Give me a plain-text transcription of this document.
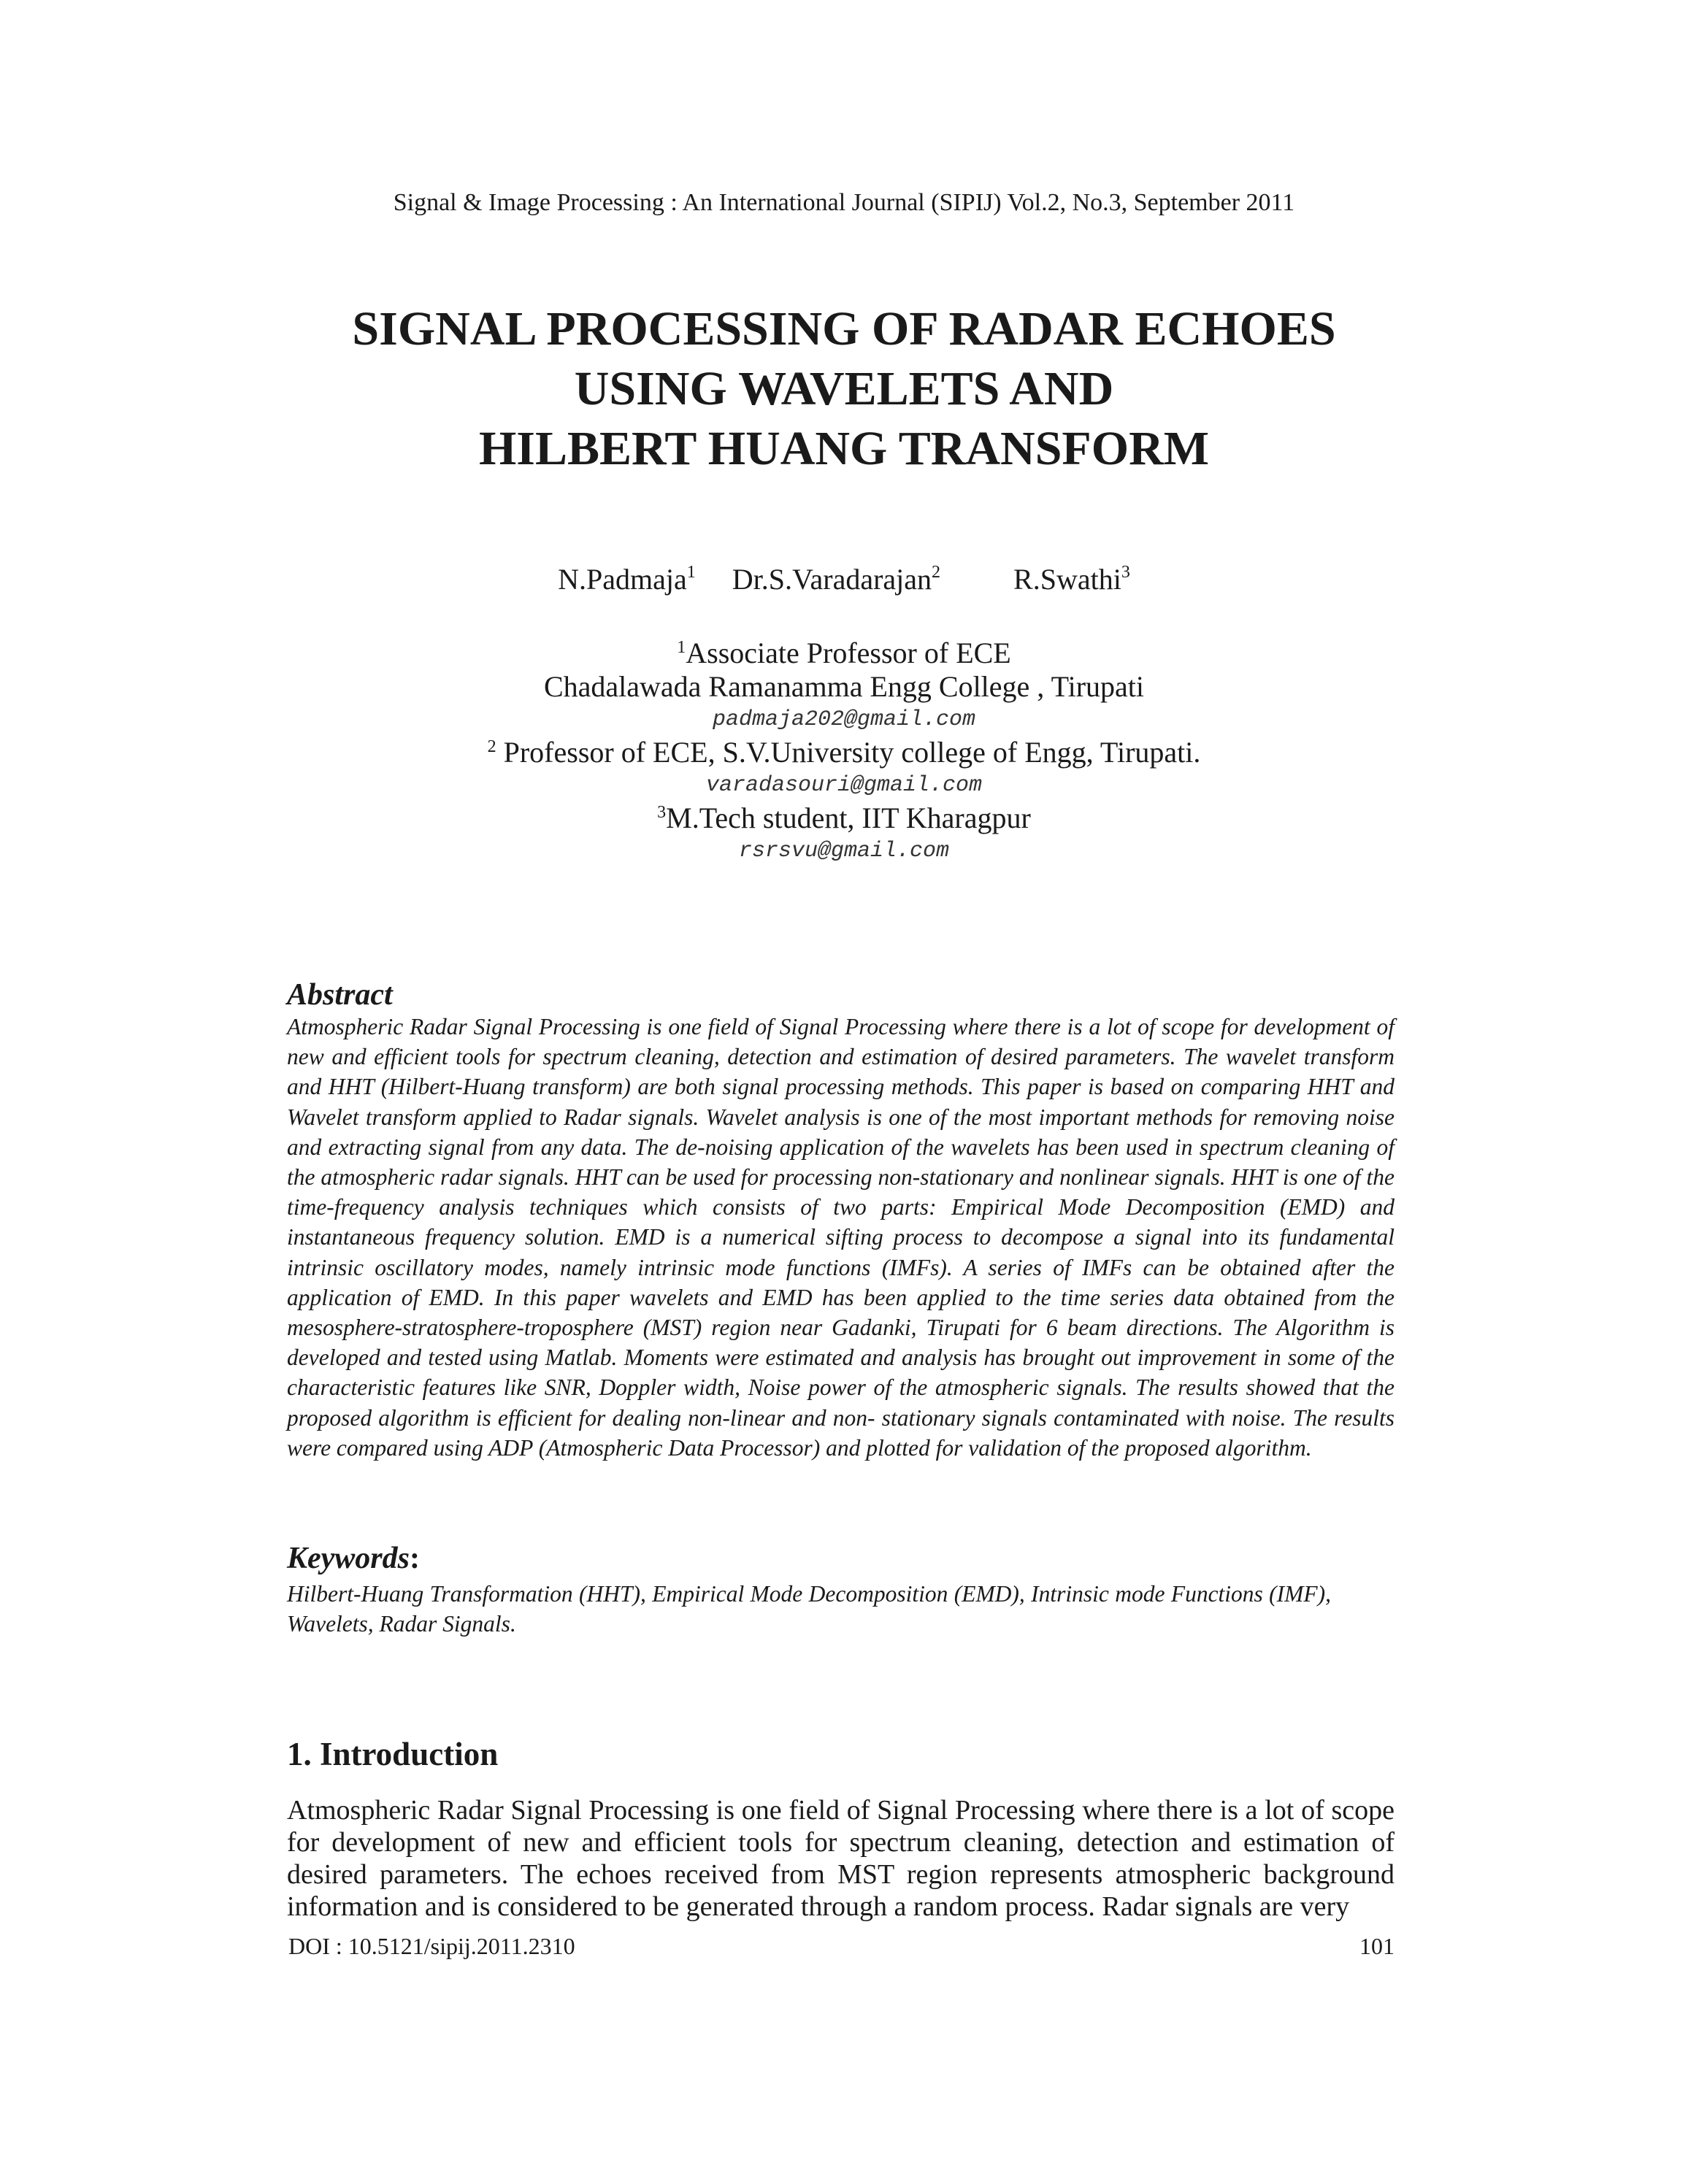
Signal & Image Processing : An International Journal (SIPIJ) Vol.2, No.3, September 2011
SIGNAL PROCESSING OF RADAR ECHOES
USING WAVELETS AND
HILBERT HUANG TRANSFORM
N.Padmaja$^1$ Dr.S.Varadarajan$^2$	R.Swathi$^3$
$^1$Associate Professor of ECE
Chadalawada Ramanamma Engg College , Tirupati
padmaja202@gmail.com
$^2$ Professor of ECE, S.V.University college of Engg, Tirupati.
varadasouri@gmail.com
$^3$M.Tech student, IIT Kharagpur
rsrsvu@gmail.com
Abstract
Atmospheric Radar Signal Processing is one field of Signal Processing where there is a lot of scope for development of new and efficient tools for spectrum cleaning, detection and estimation of desired parameters. The wavelet transform and HHT (Hilbert-Huang transform) are both signal processing methods. This paper is based on comparing HHT and Wavelet transform applied to Radar signals. Wavelet analysis is one of the most important methods for removing noise and extracting signal from any data. The de-noising application of the wavelets has been used in spectrum cleaning of the atmospheric radar signals. HHT can be used for processing non-stationary and nonlinear signals. HHT is one of the time-frequency analysis techniques which consists of two parts: Empirical Mode Decomposition (EMD) and instantaneous frequency solution. EMD is a numerical sifting process to decompose a signal into its fundamental intrinsic oscillatory modes, namely intrinsic mode functions (IMFs). A series of IMFs can be obtained after the application of EMD. In this paper wavelets and EMD has been applied to the time series data obtained from the mesosphere-stratosphere-troposphere (MST) region near Gadanki, Tirupati for 6 beam directions. The Algorithm is developed and tested using Matlab. Moments were estimated and analysis has brought out improvement in some of the characteristic features like SNR, Doppler width, Noise power of the atmospheric signals. The results showed that the proposed algorithm is efficient for dealing non-linear and non- stationary signals contaminated with noise. The results were compared using ADP (Atmospheric Data Processor) and plotted for validation of the proposed algorithm.
Keywords:
Hilbert-Huang Transformation (HHT), Empirical Mode Decomposition (EMD), Intrinsic mode Functions (IMF), Wavelets, Radar Signals.
1. Introduction
Atmospheric Radar Signal Processing is one field of Signal Processing where there is a lot of scope for development of new and efficient tools for spectrum cleaning, detection and estimation of desired parameters. The echoes received from MST region represents atmospheric background information and is considered to be generated through a random process. Radar signals are very
DOI : 10.5121/sipij.2011.2310	101
